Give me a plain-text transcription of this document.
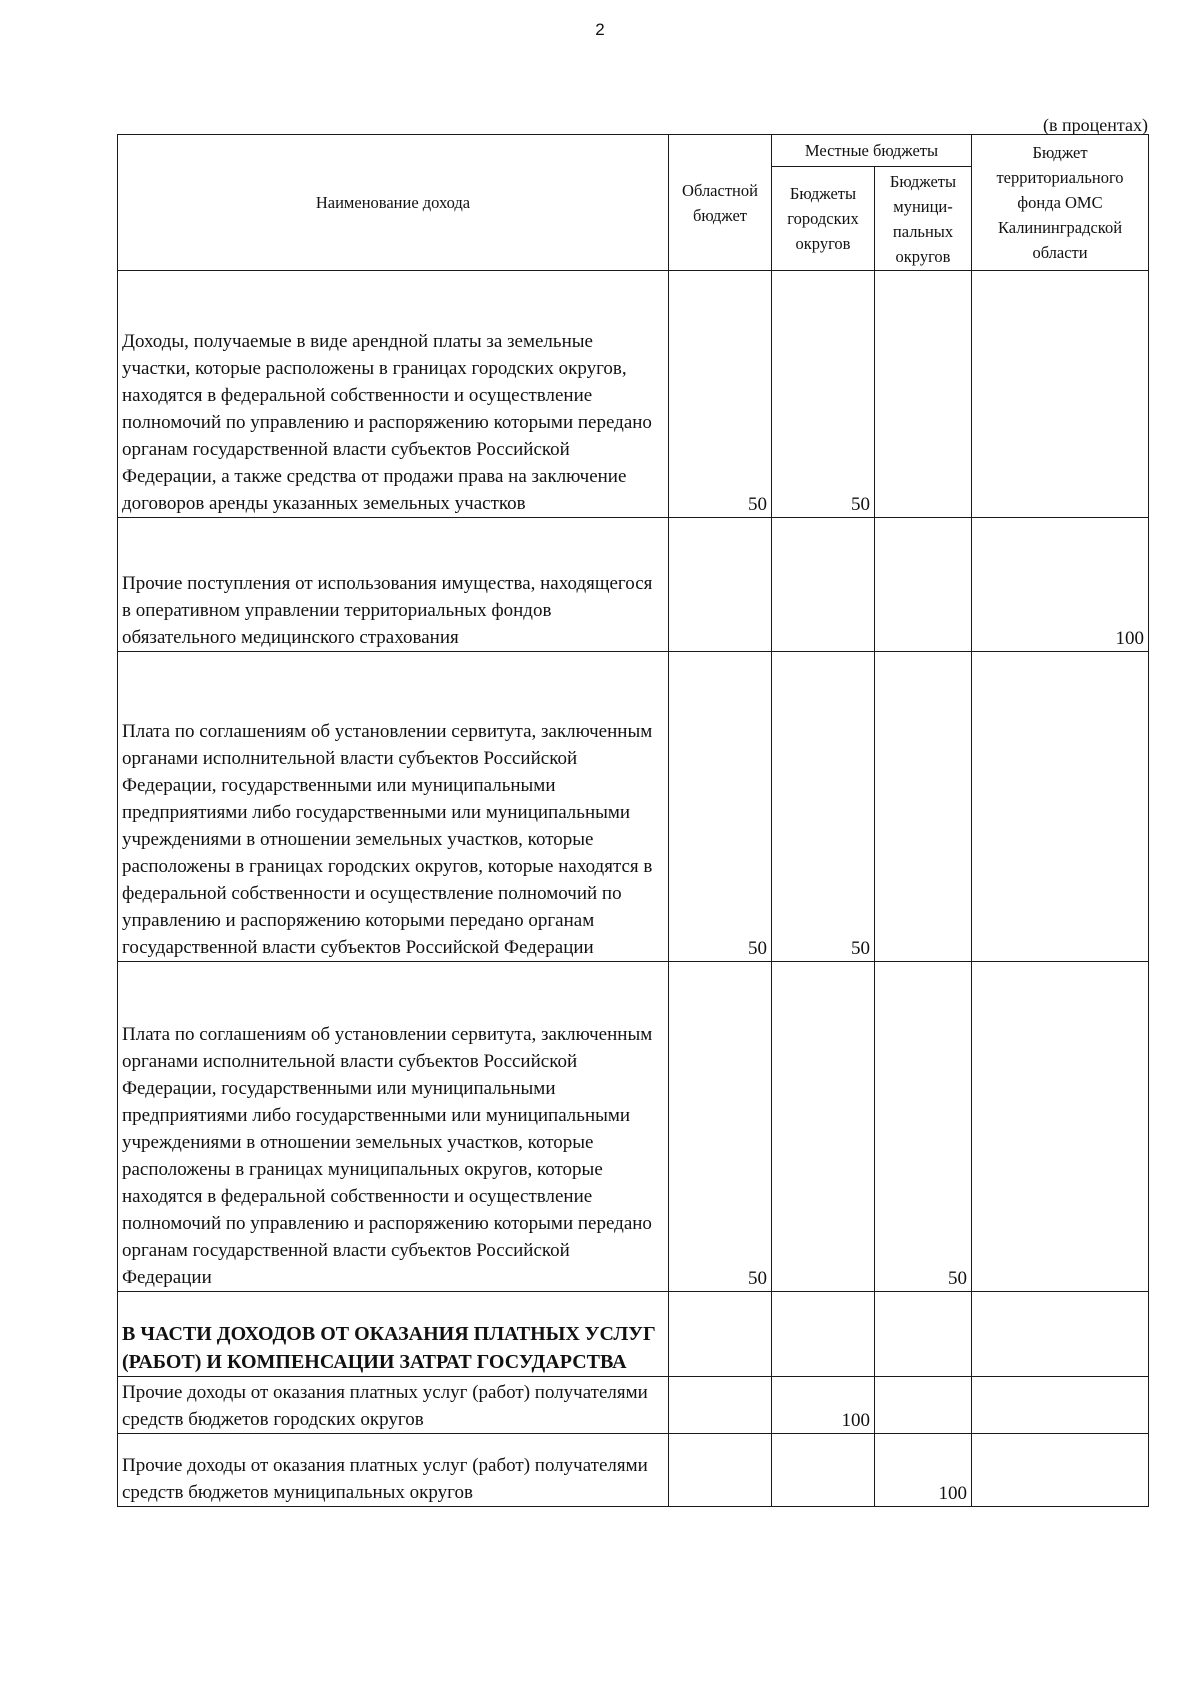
2
(в процентах)
Наименование дохода	Областной бюджет	Местные бюджеты		Бюджет территориального фонда ОМС Калининградской области
		Бюджеты городских округов	Бюджеты муници-пальных округов	
Доходы, получаемые в виде арендной платы за земельные участки, которые расположены в границах городских округов, находятся в федеральной собственности и осуществление полномочий по управлению и распоряжению которыми передано органам государственной власти субъектов Российской Федерации, а также средства от продажи права на заключение договоров аренды указанных земельных участков	50	50		
Прочие поступления от использования имущества, находящегося в оперативном управлении территориальных фондов обязательного медицинского страхования				100
Плата по соглашениям об установлении сервитута, заключенным органами исполнительной власти субъектов Российской Федерации, государственными или муниципальными предприятиями либо государственными или муниципальными учреждениями в отношении земельных участков, которые расположены в границах городских округов, которые находятся в федеральной собственности и осуществление полномочий по управлению и распоряжению которыми передано органам государственной власти субъектов Российской Федерации	50	50		
Плата по соглашениям об установлении сервитута, заключенным органами исполнительной власти субъектов Российской Федерации, государственными или муниципальными предприятиями либо государственными или муниципальными учреждениями в отношении земельных участков, которые расположены в границах муниципальных округов, которые находятся в федеральной собственности и осуществление полномочий по управлению и распоряжению которыми передано органам государственной власти субъектов Российской Федерации	50		50	
В ЧАСТИ ДОХОДОВ ОТ ОКАЗАНИЯ ПЛАТНЫХ УСЛУГ (РАБОТ) И КОМПЕНСАЦИИ ЗАТРАТ ГОСУДАРСТВА				
Прочие доходы от оказания платных услуг (работ) получателями средств бюджетов городских округов		100		
Прочие доходы от оказания платных услуг (работ) получателями средств бюджетов муниципальных округов			100	
